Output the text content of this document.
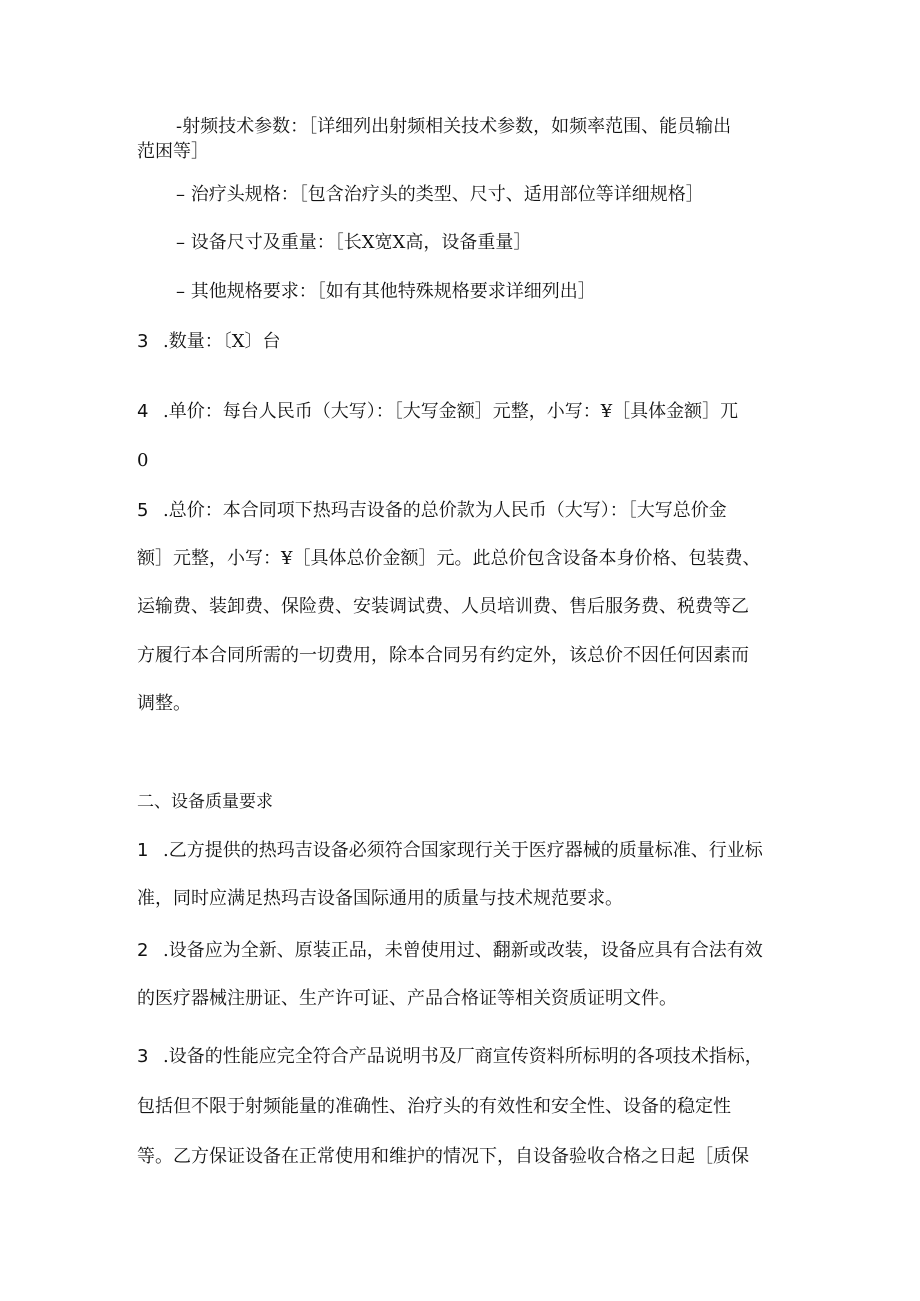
-射频技术参数：［详细列出射频相关技术参数，如频率范围、能员输出
范困等］
– 治疗头规格：［包含治疗头的类型、尺寸、适用部位等详细规格］
– 设备尺寸及重量：［长X宽X高，设备重量］
– 其他规格要求：［如有其他特殊规格要求详细列出］
3 .数量：〔X〕台
4 .单价：每台人民币（大写）：［大写金额］元整，小写：¥［具体金额］兀
0
5 .总价：本合同项下热玛吉设备的总价款为人民币（大写）：［大写总价金
额］元整，小写：¥［具体总价金额］元。此总价包含设备本身价格、包装费、
运输费、装卸费、保险费、安装调试费、人员培训费、售后服务费、税费等乙
方履行本合同所需的一切费用，除本合同另有约定外，该总价不因任何因素而
调整。
二、设备质量要求
1 .乙方提供的热玛吉设备必须符合国家现行关于医疗器械的质量标准、行业标
准，同时应满足热玛吉设备国际通用的质量与技术规范要求。
2 .设备应为全新、原装正品，未曾使用过、翻新或改装，设备应具有合法有效
的医疗器械注册证、生产许可证、产品合格证等相关资质证明文件。
3 .设备的性能应完全符合产品说明书及厂商宣传资料所标明的各项技术指标，
包括但不限于射频能量的准确性、治疗头的有效性和安全性、设备的稳定性
等。乙方保证设备在正常使用和维护的情况下，自设备验收合格之日起［质保
